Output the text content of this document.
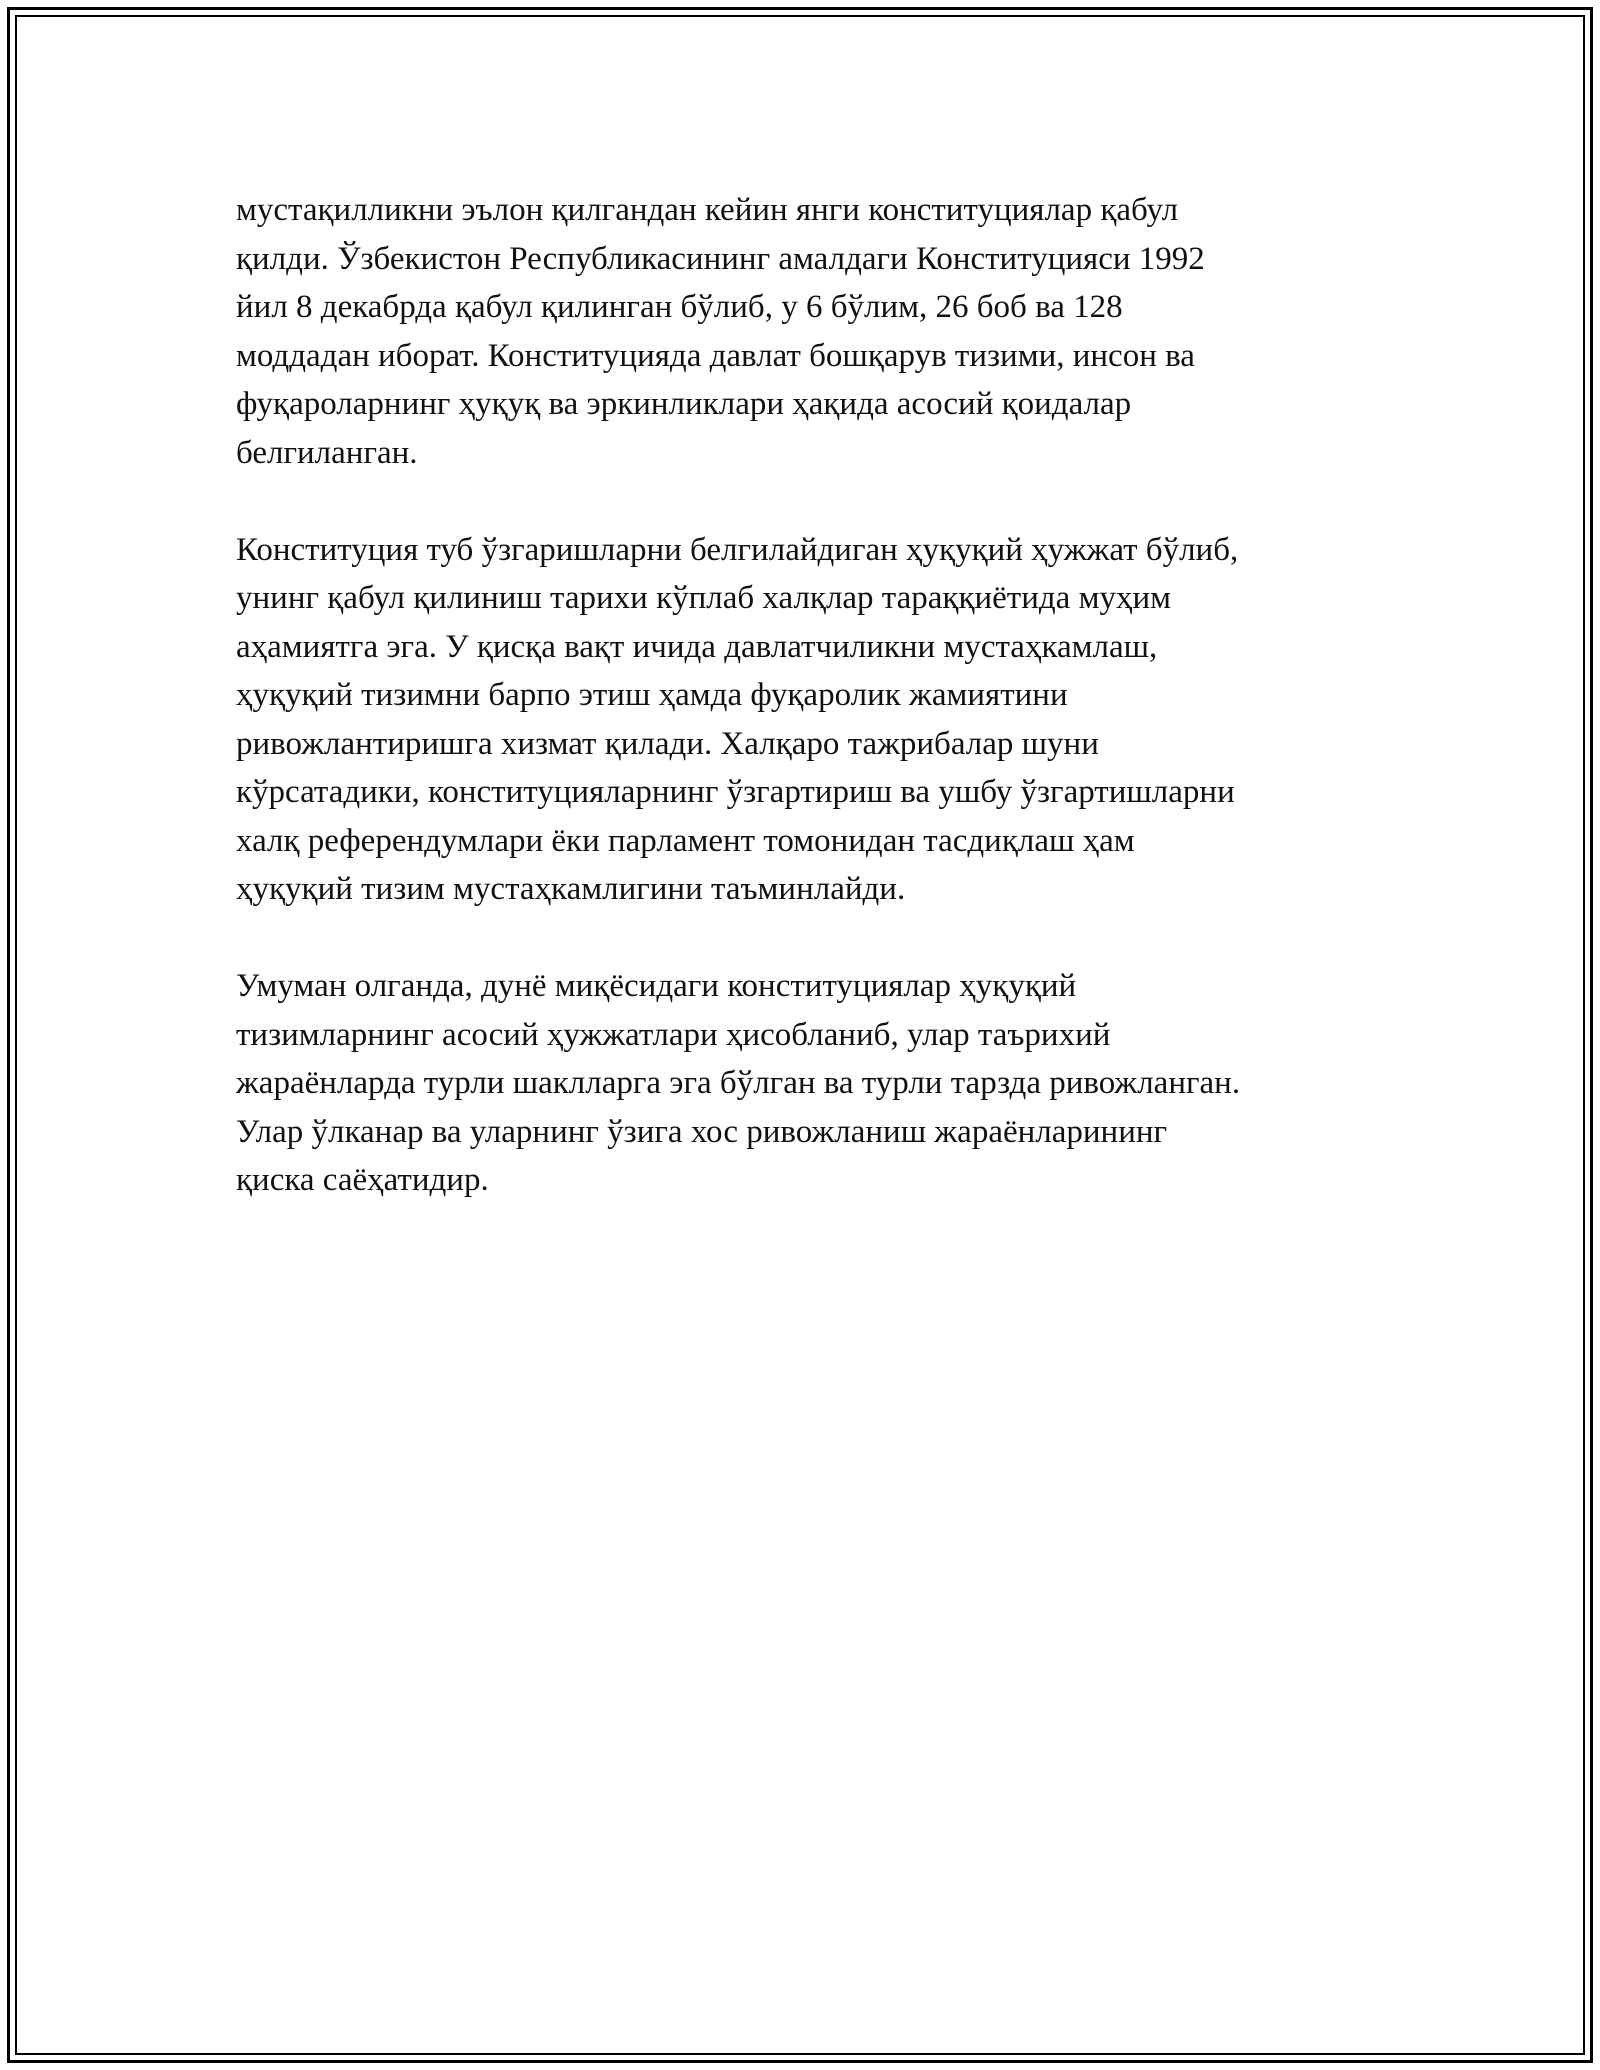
мустақилликни эълон қилгандан кейин янги конституциялар қабул
қилди. Ўзбекистон Республикасининг амалдаги Конституцияси 1992
йил 8 декабрда қабул қилинган бўлиб, у 6 бўлим, 26 боб ва 128
моддадан иборат. Конституцияда давлат бошқарув тизими, инсон ва
фуқароларнинг ҳуқуқ ва эркинликлари ҳақида асосий қоидалар
белгиланган.

Конституция туб ўзгаришларни белгилайдиган ҳуқуқий ҳужжат бўлиб,
унинг қабул қилиниш тарихи кўплаб халқлар тараққиётида муҳим
аҳамиятга эга. У қисқа вақт ичида давлатчиликни мустаҳкамлаш,
ҳуқуқий тизимни барпо этиш ҳамда фуқаролик жамиятини
ривожлантиришга хизмат қилади. Халқаро тажрибалар шуни
кўрсатадики, конституцияларнинг ўзгартириш ва ушбу ўзгартишларни
халқ референдумлари ёки парламент томонидан тасдиқлаш ҳам
ҳуқуқий тизим мустаҳкамлигини таъминлайди.

Умуман олганда, дунё миқёсидаги конституциялар ҳуқуқий
тизимларнинг асосий ҳужжатлари ҳисобланиб, улар таърихий
жараёнларда турли шаклларга эга бўлган ва турли тарзда ривожланган.
Улар ўлканар ва уларнинг ўзига хос ривожланиш жараёнларининг
қиска саёҳатидир.
